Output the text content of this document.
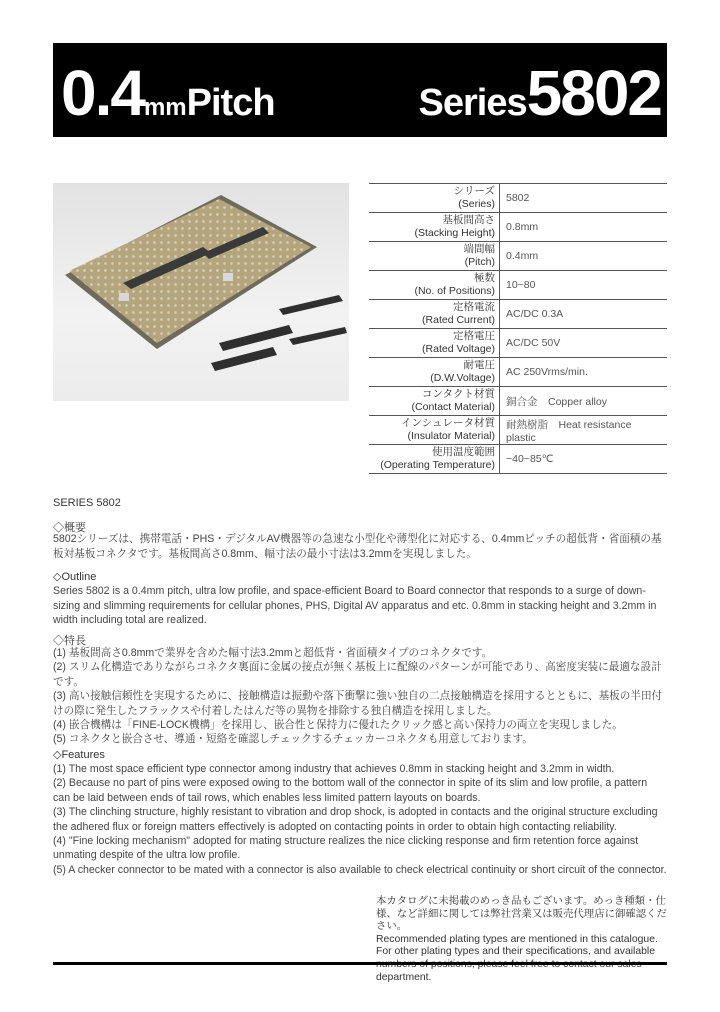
0.4mmPitch	Series5802
シリーズ
(Series)	5802

基板間高さ
(Stacking Height)	0.8mm

端間幅
(Pitch)	0.4mm

極数
(No. of Positions)	10~80

定格電流
(Rated Current)	AC/DC 0.3A

定格電圧
(Rated Voltage)	AC/DC 50V

耐電圧
(D.W.Voltage)	AC 250Vrms/min.

コンタクト材質
(Contact Material)	銅合金　Copper alloy

インシュレータ材質
(Insulator Material)	耐熱樹脂　Heat resistance plastic

使用温度範囲
(Operating Temperature)	−40~85℃
SERIES 5802
◇概要
5802シリーズは、携帯電話・PHS・デジタルAV機器等の急速な小型化や薄型化に対応する、0.4mmピッチの超低背・省面積の基板対基板コネクタです。基板間高さ0.8mm、幅寸法の最小寸法は3.2mmを実現しました。
◇Outline
Series 5802 is a 0.4mm pitch, ultra low profile, and space-efficient Board to Board connector that responds to a surge of down-sizing and slimming requirements for cellular phones, PHS, Digital AV apparatus and etc. 0.8mm in stacking height and 3.2mm in width including total are realized.
◇特長
(1) 基板間高さ0.8mmで業界を含めた幅寸法3.2mmと超低背・省面積タイプのコネクタです。
(2) スリム化構造でありながらコネクタ裏面に金属の接点が無く基板上に配線のパターンが可能であり、高密度実装に最適な設計です。
(3) 高い接触信頼性を実現するために、接触構造は振動や落下衝撃に強い独自の二点接触構造を採用するとともに、基板の半田付けの際に発生したフラックスや付着したはんだ等の異物を排除する独自構造を採用しました。
(4) 嵌合機構は「FINE-LOCK機構」を採用し、嵌合性と保持力に優れたクリック感と高い保持力の両立を実現しました。
(5) コネクタと嵌合させ、導通・短絡を確認しチェックするチェッカーコネクタも用意しております。
◇Features
(1) The most space efficient type connector among industry that achieves 0.8mm in stacking height and 3.2mm in width.
(2) Because no part of pins were exposed owing to the bottom wall of the connector in spite of its slim and low profile, a pattern can be laid between ends of tail rows, which enables less limited pattern layouts on boards.
(3) The clinching structure, highly resistant to vibration and drop shock, is adopted in contacts and the original structure excluding the adhered flux or foreign matters effectively is adopted on contacting points in order to obtain high contacting reliability.
(4) "Fine locking mechanism" adopted for mating structure realizes the nice clicking response and firm retention force against unmating despite of the ultra low profile.
(5) A checker connector to be mated with a connector is also available to check electrical continuity or short circuit of the connector.
本カタログに未掲載のめっき品もございます。めっき種類・仕様、など詳細に関しては弊社営業又は販売代理店に御確認ください。
Recommended plating types are mentioned in this catalogue.
For other plating types and their specifications, and available department.
